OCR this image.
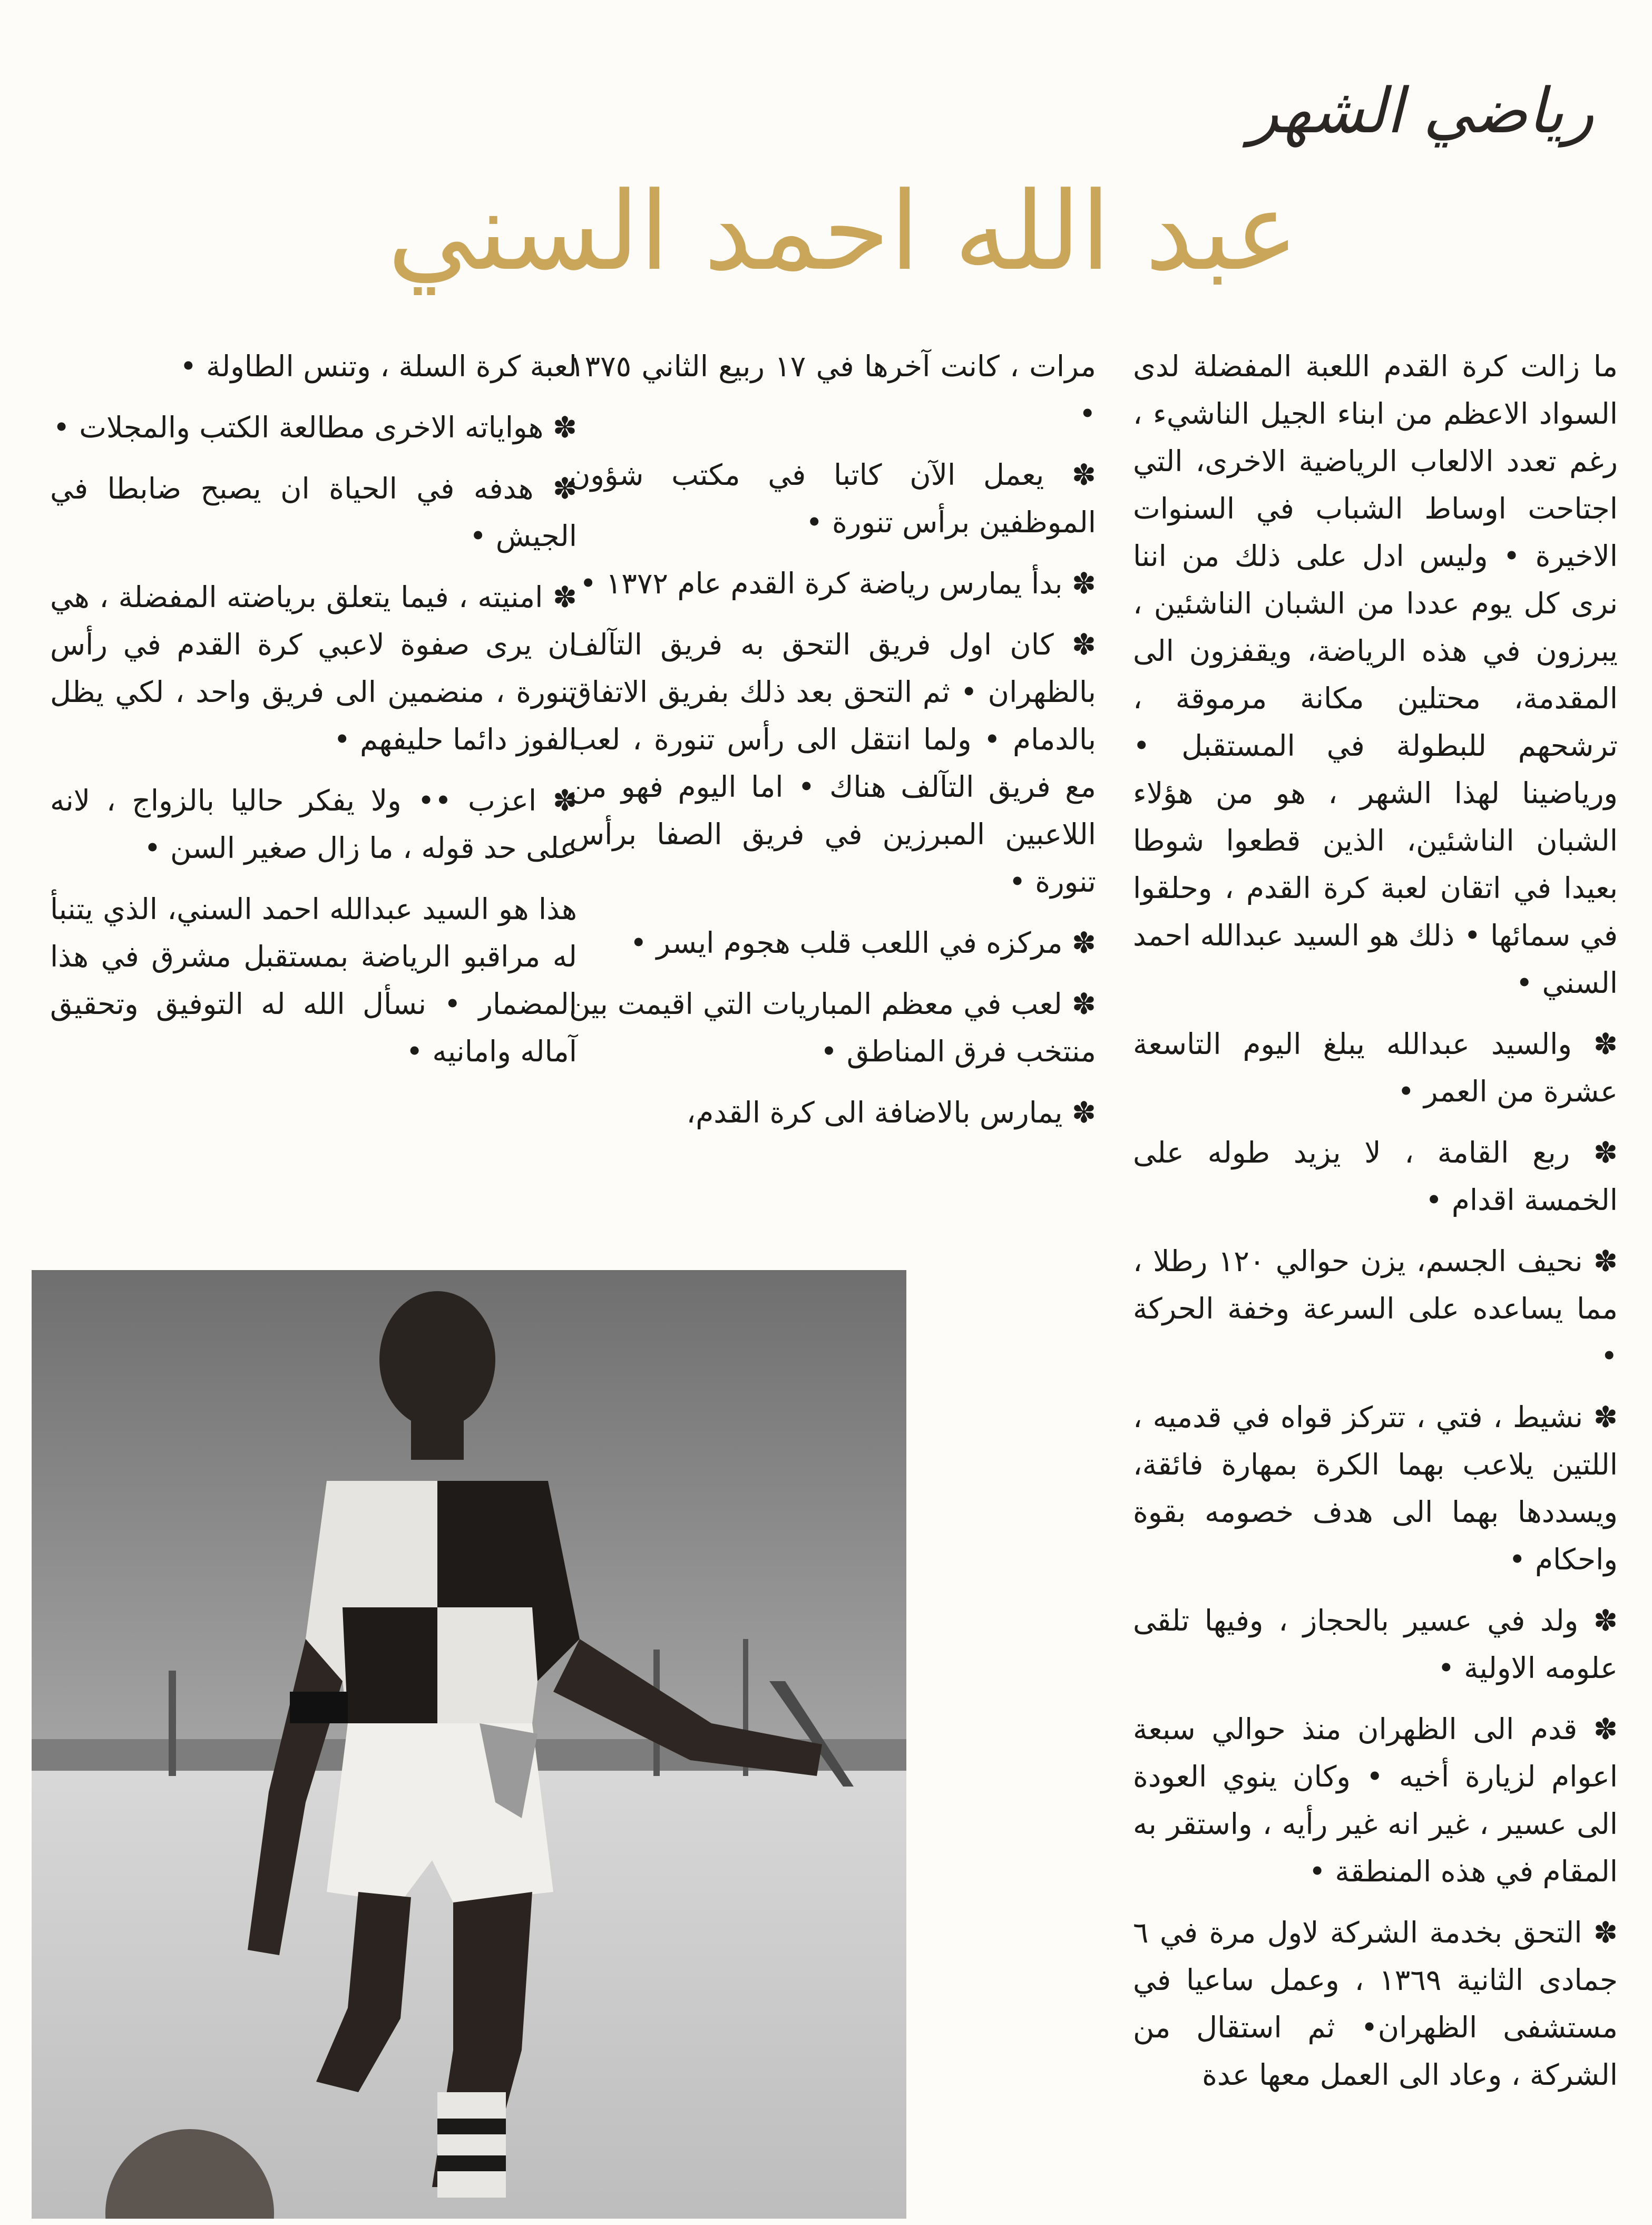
رياضي الشهر
عبد الله احمد السني

ما زالت كرة القدم اللعبة المفضلة لدى السواد الاعظم من ابناء الجيل الناشيء ، رغم تعدد الالعاب الرياضية الاخرى، التي اجتاحت اوساط الشباب في السنوات الاخيرة • وليس ادل على ذلك من اننا نرى كل يوم عددا من الشبان الناشئين ، يبرزون في هذه الرياضة، ويقفزون الى المقدمة، محتلين مكانة مرموقة ، ترشحهم للبطولة في المستقبل • ورياضينا لهذا الشهر ، هو من هؤلاء الشبان الناشئين، الذين قطعوا شوطا بعيدا في اتقان لعبة كرة القدم ، وحلقوا في سمائها • ذلك هو السيد عبدالله احمد السني •

✽ والسيد عبدالله يبلغ اليوم التاسعة عشرة من العمر •

✽ ربع القامة ، لا يزيد طوله على الخمسة اقدام •

✽ نحيف الجسم، يزن حوالي ١٢٠ رطلا ، مما يساعده على السرعة وخفة الحركة •

✽ نشيط ، فتي ، تتركز قواه في قدميه ، اللتين يلاعب بهما الكرة بمهارة فائقة، ويسددها بهما الى هدف خصومه بقوة واحكام •

✽ ولد في عسير بالحجاز ، وفيها تلقى علومه الاولية •

✽ قدم الى الظهران منذ حوالي سبعة اعوام لزيارة أخيه • وكان ينوي العودة الى عسير ، غير انه غير رأيه ، واستقر به المقام في هذه المنطقة •

✽ التحق بخدمة الشركة لاول مرة في ٦ جمادى الثانية ١٣٦٩ ، وعمل ساعيا في مستشفى الظهران• ثم استقال من الشركة ، وعاد الى العمل معها عدة

مرات ، كانت آخرها في ١٧ ربيع الثاني ١٣٧٥ •

✽ يعمل الآن كاتبا في مكتب شؤون الموظفين برأس تنورة •

✽ بدأ يمارس رياضة كرة القدم عام ١٣٧٢ •

✽ كان اول فريق التحق به فريق التآلف بالظهران • ثم التحق بعد ذلك بفريق الاتفاق بالدمام • ولما انتقل الى رأس تنورة ، لعب مع فريق التآلف هناك • اما اليوم فهو من اللاعبين المبرزين في فريق الصفا برأس تنورة •

✽ مركزه في اللعب قلب هجوم ايسر •

✽ لعب في معظم المباريات التي اقيمت بين منتخب فرق المناطق •

✽ يمارس بالاضافة الى كرة القدم،

لعبة كرة السلة ، وتنس الطاولة •

✽ هواياته الاخرى مطالعة الكتب والمجلات •

✽ هدفه في الحياة ان يصبح ضابطا في الجيش •

✽ امنيته ، فيما يتعلق برياضته المفضلة ، هي ان يرى صفوة لاعبي كرة القدم في رأس تنورة ، منضمين الى فريق واحد ، لكي يظل الفوز دائما حليفهم •

✽ اعزب •• ولا يفكر حاليا بالزواج ، لانه على حد قوله ، ما زال صغير السن •

هذا هو السيد عبدالله احمد السني، الذي يتنبأ له مراقبو الرياضة بمستقبل مشرق في هذا المضمار • نسأل الله له التوفيق وتحقيق آماله وامانيه •
